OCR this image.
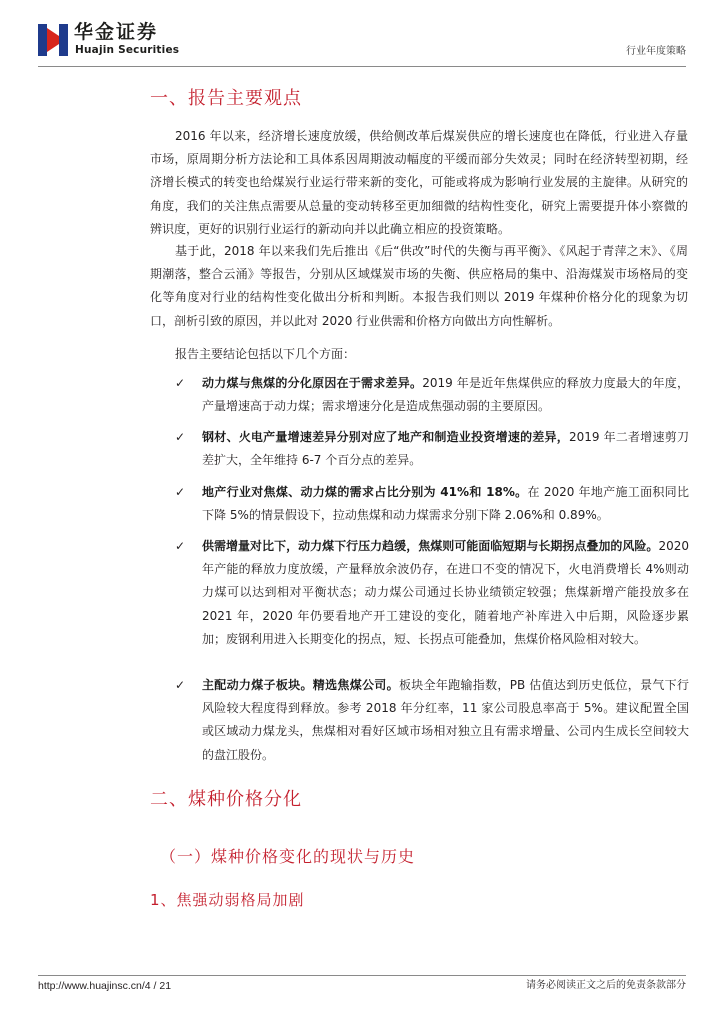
华金证券
Huajin Securities	行业年度策略
一、报告主要观点

2016 年以来，经济增长速度放缓，供给侧改革后煤炭供应的增长速度也在降低，行业进入存量市场，原周期分析方法论和工具体系因周期波动幅度的平缓而部分失效灵；同时在经济转型初期，经济增长模式的转变也给煤炭行业运行带来新的变化，可能或将成为影响行业发展的主旋律。从研究的角度，我们的关注焦点需要从总量的变动转移至更加细微的结构性变化，研究上需要提升体小察微的辨识度，更好的识别行业运行的新动向并以此确立相应的投资策略。

基于此，2018 年以来我们先后推出《后“供改”时代的失衡与再平衡》、《风起于青萍之末》、《周期潮落，整合云涌》等报告，分别从区域煤炭市场的失衡、供应格局的集中、沿海煤炭市场格局的变化等角度对行业的结构性变化做出分析和判断。本报告我们则以 2019 年煤种价格分化的现象为切口，剖析引致的原因，并以此对 2020 行业供需和价格方向做出方向性解析。

报告主要结论包括以下几个方面：

✓ 动力煤与焦煤的分化原因在于需求差异。2019 年是近年焦煤供应的释放力度最大的年度，产量增速高于动力煤；需求增速分化是造成焦强动弱的主要原因。

✓ 钢材、火电产量增速差异分别对应了地产和制造业投资增速的差异，2019 年二者增速剪刀差扩大，全年维持 6-7 个百分点的差异。

✓ 地产行业对焦煤、动力煤的需求占比分别为 41%和 18%。在 2020 年地产施工面积同比下降 5%的情景假设下，拉动焦煤和动力煤需求分别下降 2.06%和 0.89%。

✓ 供需增量对比下，动力煤下行压力趋缓，焦煤则可能面临短期与长期拐点叠加的风险。2020 年产能的释放力度放缓，产量释放余波仍存，在进口不变的情况下，火电消费增长 4%则动力煤可以达到相对平衡状态；动力煤公司通过长协业绩锁定较强；焦煤新增产能投放多在 2021 年，2020 年仍要看地产开工建设的变化，随着地产补库进入中后期，风险逐步累加；废钢利用进入长期变化的拐点，短、长拐点可能叠加，焦煤价格风险相对较大。

✓ 主配动力煤子板块。精选焦煤公司。板块全年跑输指数，PB 估值达到历史低位，景气下行风险较大程度得到释放。参考 2018 年分红率，11 家公司股息率高于 5%。建议配置全国或区域动力煤龙头，焦煤相对看好区域市场相对独立且有需求增量、公司内生成长空间较大的盘江股份。

二、煤种价格分化
（一）煤种价格变化的现状与历史
1、焦强动弱格局加剧
http://www.huajinsc.cn/4 / 21	请务必阅读正文之后的免责条款部分
